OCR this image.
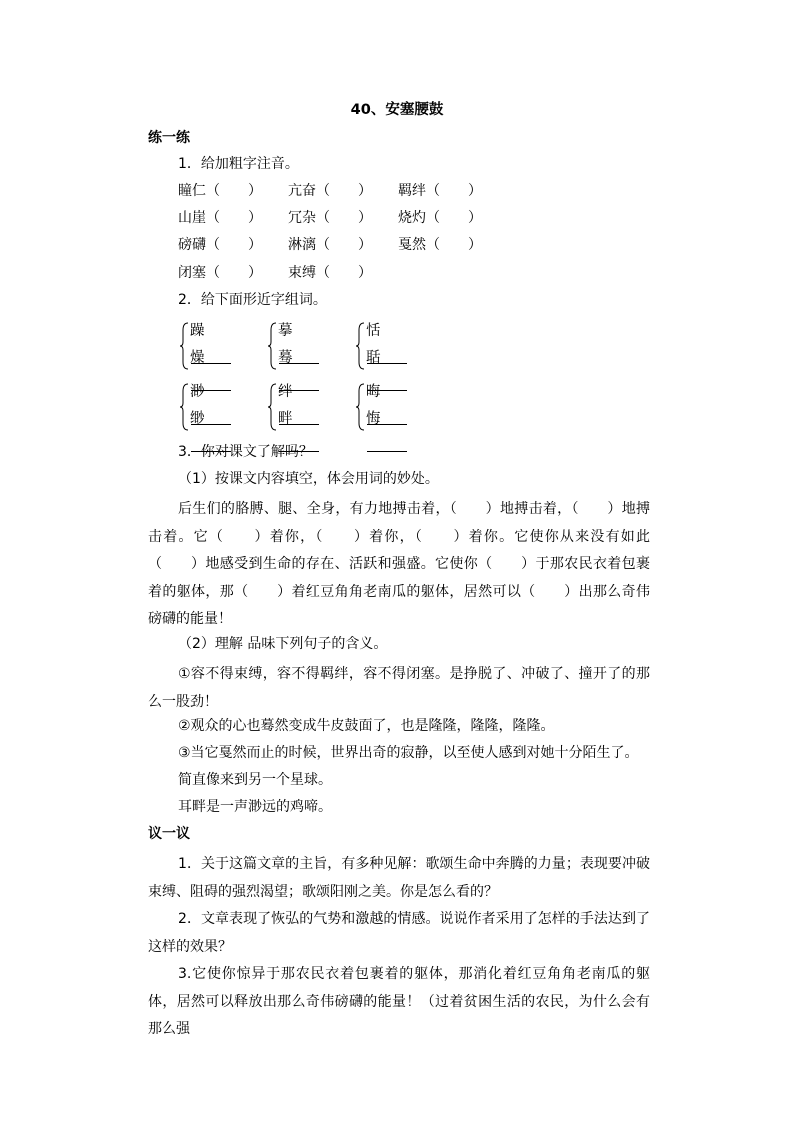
40、安塞腰鼓
练一练
1．给加粗字注音。
瞳仁（　　） 亢奋（　　） 羁绊（　　）
山崖（　　） 冗杂（　　） 烧灼（　　）
磅礴（　　） 淋漓（　　） 戛然（　　）
闭塞（　　） 束缚（　　）
2．给下面形近字组词。
躁
燥
摹
蓦
恬
聒
渺
缈
绊
畔
晦
悔
3．你对课文了解吗？
（1）按课文内容填空，体会用词的妙处。
后生们的胳膊、腿、全身，有力地搏击着，（　　）地搏击着，（　　）地搏击着。它（　　）着你，（　　）着你，（　　）着你。它使你从来没有如此（　　）地感受到生命的存在、活跃和强盛。它使你（　　）于那农民衣着包裹着的躯体，那（　　）着红豆角角老南瓜的躯体，居然可以（　　）出那么奇伟磅礴的能量！
（2）理解 品味下列句子的含义。
①容不得束缚，容不得羁绊，容不得闭塞。是挣脱了、冲破了、撞开了的那么一股劲！
②观众的心也蓦然变成牛皮鼓面了，也是隆隆，隆隆，隆隆。
③当它戛然而止的时候，世界出奇的寂静，以至使人感到对她十分陌生了。
简直像来到另一个星球。
耳畔是一声渺远的鸡啼。
议一议
1．关于这篇文章的主旨，有多种见解：歌颂生命中奔腾的力量；表现要冲破束缚、阻碍的强烈渴望；歌颂阳刚之美。你是怎么看的？
2．文章表现了恢弘的气势和激越的情感。说说作者采用了怎样的手法达到了这样的效果？
3.它使你惊异于那农民衣着包裹着的躯体，那消化着红豆角角老南瓜的躯体，居然可以释放出那么奇伟磅礴的能量！（过着贫困生活的农民，为什么会有那么强
